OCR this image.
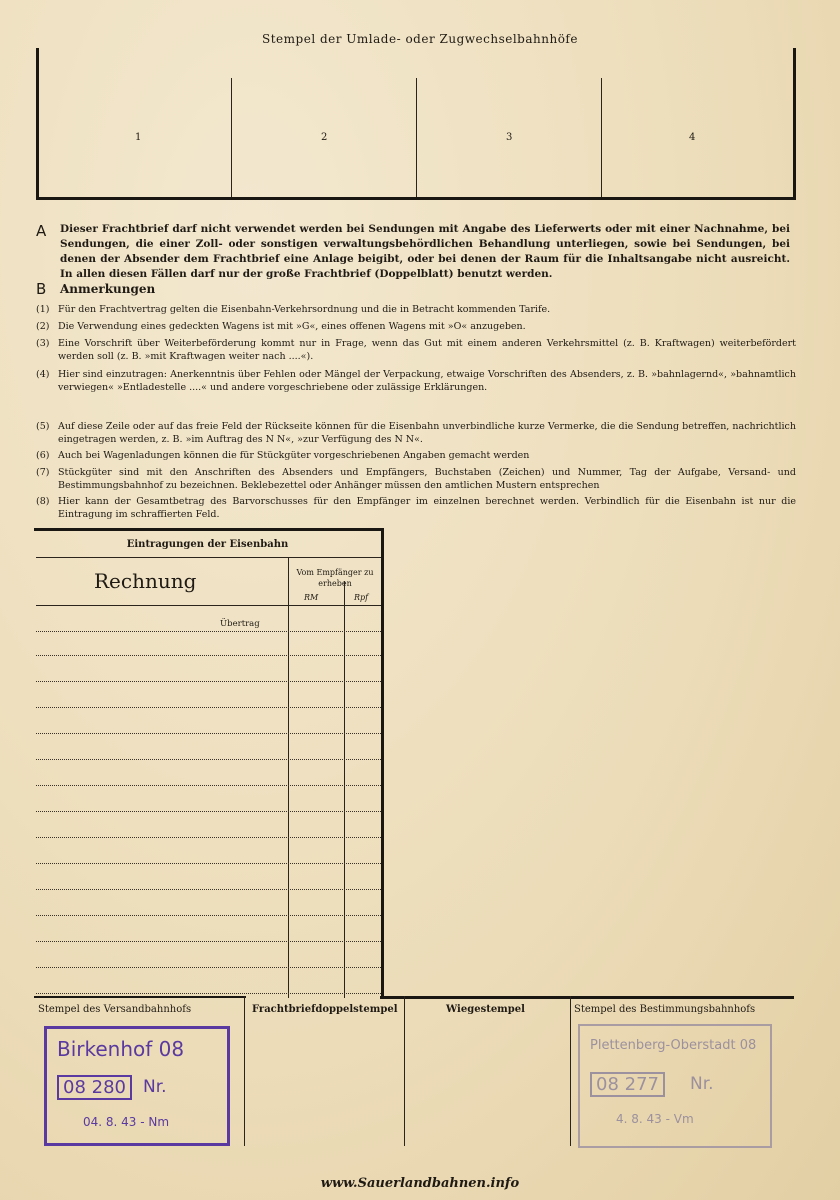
Stempel der Umlade- oder Zugwechselbahnhöfe
1	2	3	4
A Dieser Frachtbrief darf nicht verwendet werden bei Sendungen mit Angabe des Lieferwerts oder mit einer Nachnahme, bei Sendungen, die einer Zoll- oder sonstigen verwaltungsbehördlichen Behandlung unterliegen, sowie bei Sendungen, bei denen der Absender dem Frachtbrief eine Anlage beigibt, oder bei denen der Raum für die Inhaltsangabe nicht ausreicht. In allen diesen Fällen darf nur der große Frachtbrief (Doppelblatt) benutzt werden.
B Anmerkungen
(1) Für den Frachtvertrag gelten die Eisenbahn-Verkehrsordnung und die in Betracht kommenden Tarife.
(2) Die Verwendung eines gedeckten Wagens ist mit »G«, eines offenen Wagens mit »O« anzugeben.
(3) Eine Vorschrift über Weiterbeförderung kommt nur in Frage, wenn das Gut mit einem anderen Verkehrsmittel (z. B. Kraftwagen) weiterbefördert werden soll (z. B. »mit Kraftwagen weiter nach ....«).
(4) Hier sind einzutragen: Anerkenntnis über Fehlen oder Mängel der Verpackung, etwaige Vorschriften des Absenders, z. B. »bahnlagernd«, »bahnamtlich verwiegen« »Entladestelle ....« und andere vorgeschriebene oder zulässige Erklärungen.
(5) Auf diese Zeile oder auf das freie Feld der Rückseite können für die Eisenbahn unverbindliche kurze Vermerke, die die Sendung betreffen, nachrichtlich eingetragen werden, z. B. »im Auftrag des N N«, »zur Verfügung des N N«.
(6) Auch bei Wagenladungen können die für Stückgüter vorgeschriebenen Angaben gemacht werden
(7) Stückgüter sind mit den Anschriften des Absenders und Empfängers, Buchstaben (Zeichen) und Nummer, Tag der Aufgabe, Versand- und Bestimmungsbahnhof zu bezeichnen. Beklebezettel oder Anhänger müssen den amtlichen Mustern entsprechen
(8) Hier kann der Gesamtbetrag des Barvorschusses für den Empfänger im einzelnen berechnet werden. Verbindlich für die Eisenbahn ist nur die Eintragung im schraffierten Feld.
Eintragungen der Eisenbahn
Rechnung	Vom Empfänger zu erheben
RM	Rpf
Übertrag
Stempel des Versandbahnhofs	Frachtbriefdoppelstempel	Wiegestempel	Stempel des Bestimmungsbahnhofs
Birkenhof 08
08 280	Nr.
04. 8. 43 - Nm
Plettenberg-Oberstadt 08
08 277	Nr.
4. 8. 43 - Vm
www.Sauerlandbahnen.info
